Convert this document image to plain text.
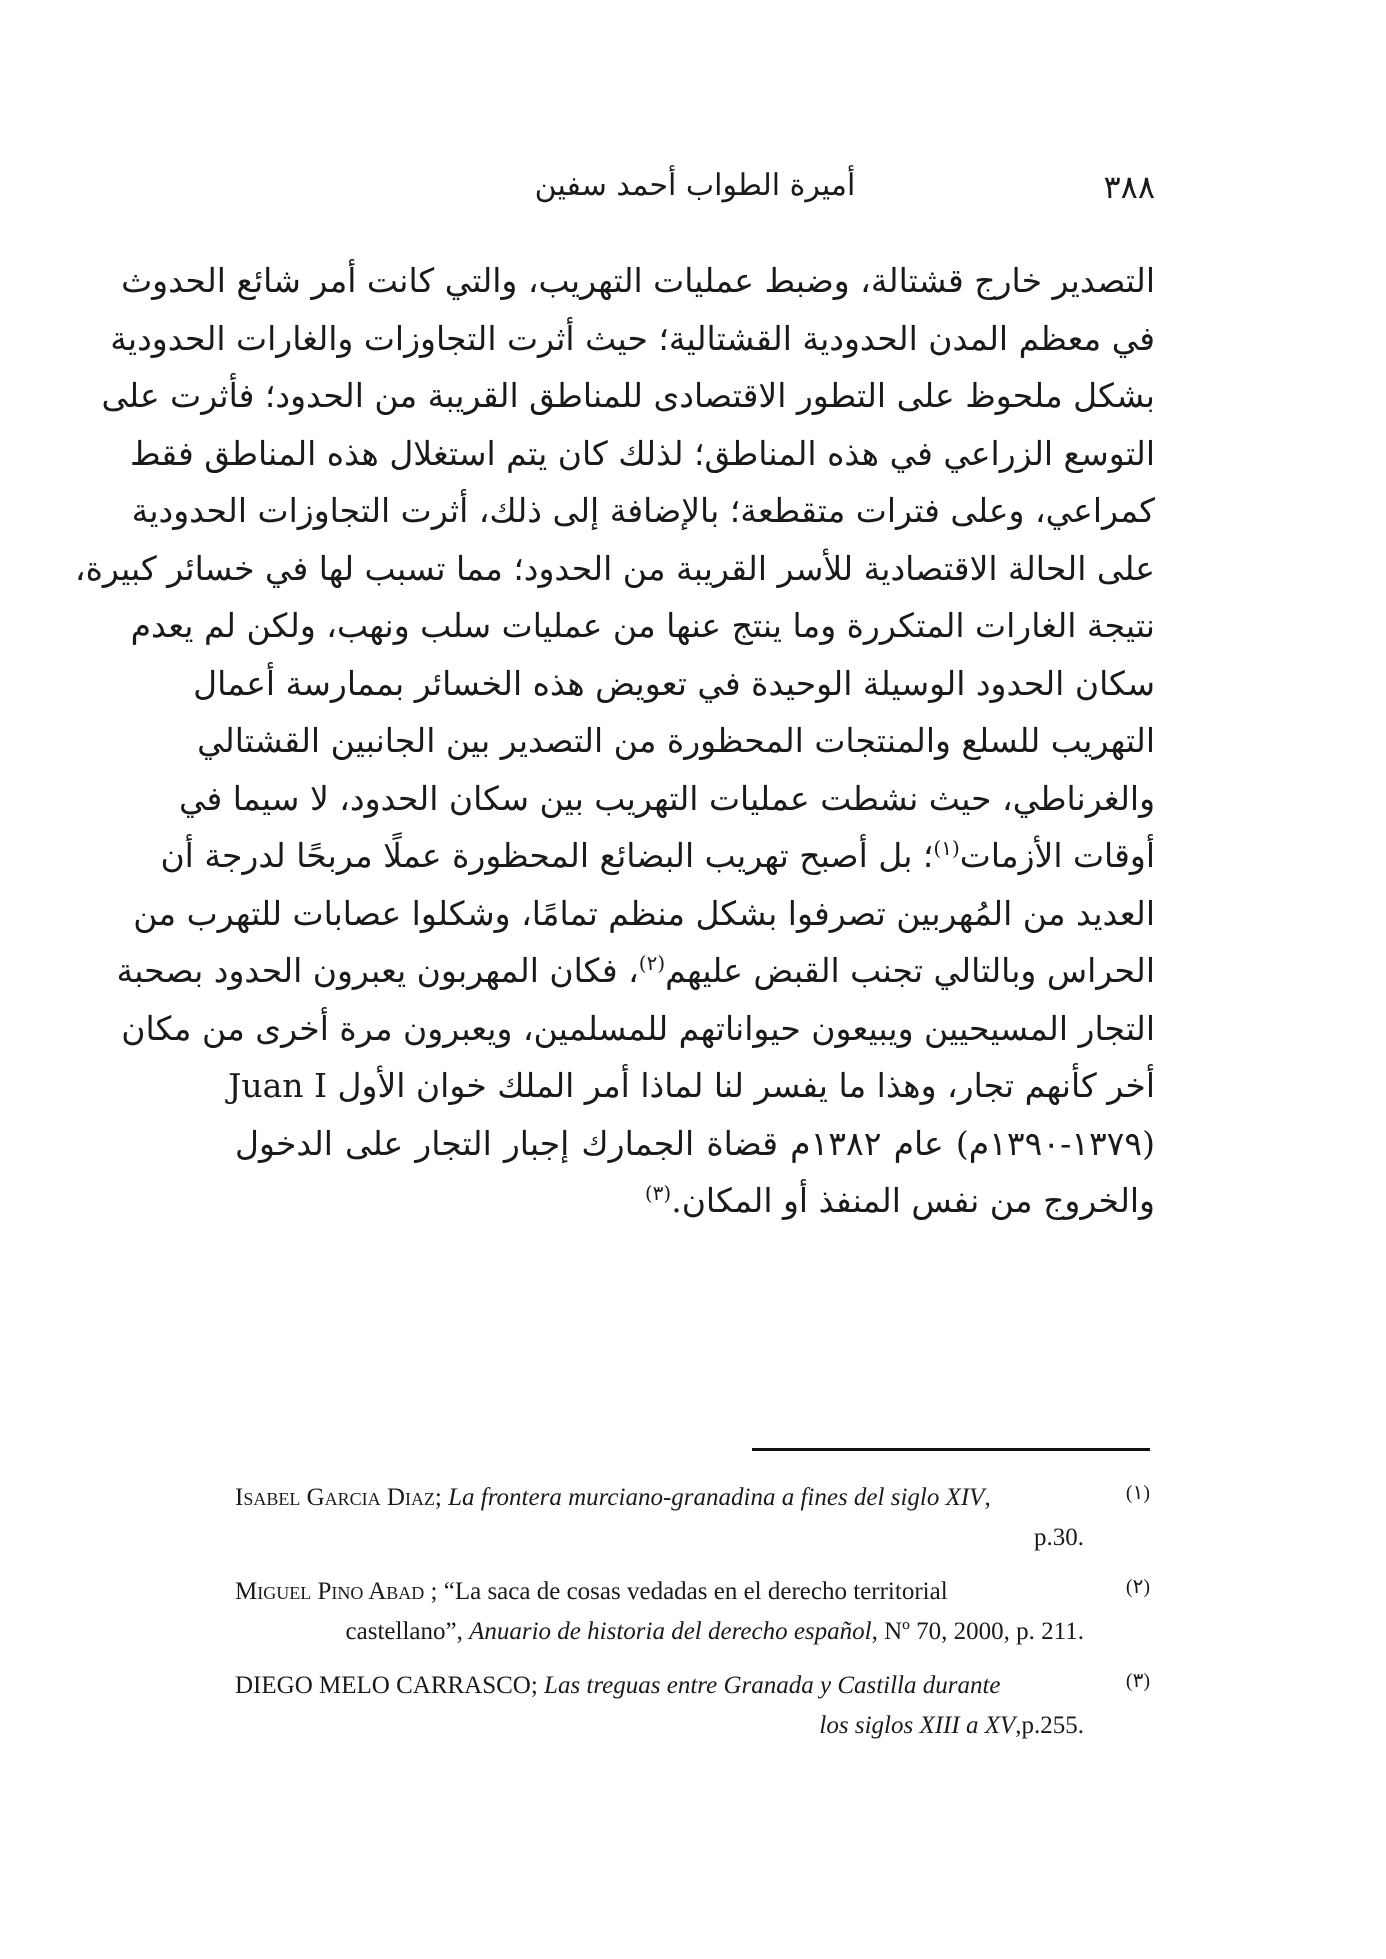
٣٨٨
أميرة الطواب أحمد سفين
التصدير خارج قشتالة، وضبط عمليات التهريب، والتي كانت أمر شائع الحدوث
في معظم المدن الحدودية القشتالية؛ حيث أثرت التجاوزات والغارات الحدودية
بشكل ملحوظ على التطور الاقتصادى للمناطق القريبة من الحدود؛ فأثرت على
التوسع الزراعي في هذه المناطق؛ لذلك كان يتم استغلال هذه المناطق فقط
كمراعي، وعلى فترات متقطعة؛ بالإضافة إلى ذلك، أثرت التجاوزات الحدودية
على الحالة الاقتصادية للأسر القريبة من الحدود؛ مما تسبب لها في خسائر كبيرة،
نتيجة الغارات المتكررة وما ينتج عنها من عمليات سلب ونهب، ولكن لم يعدم
سكان الحدود الوسيلة الوحيدة في تعويض هذه الخسائر بممارسة أعمال
التهريب للسلع والمنتجات المحظورة من التصدير بين الجانبين القشتالي
والغرناطي، حيث نشطت عمليات التهريب بين سكان الحدود، لا سيما في
أوقات الأزمات$^{(١)}$؛ بل أصبح تهريب البضائع المحظورة عملًا مربحًا لدرجة أن
العديد من المُهربين تصرفوا بشكل منظم تمامًا، وشكلوا عصابات للتهرب من
الحراس وبالتالي تجنب القبض عليهم$^{(٢)}$، فكان المهربون يعبرون الحدود بصحبة
التجار المسيحيين ويبيعون حيواناتهم للمسلمين، ويعبرون مرة أخرى من مكان
أخر كأنهم تجار، وهذا ما يفسر لنا لماذا أمر الملك خوان الأول Juan I
(١٣٧٩-١٣٩٠م) عام ١٣٨٢م قضاة الجمارك إجبار التجار على الدخول
والخروج من نفس المنفذ أو المكان.$^{(٣)}$
Isabel Garcia Diaz; La frontera murciano-granadina a fines del siglo XIV,
p.30.
(١)
Miguel Pino Abad ; “La saca de cosas vedadas en el derecho territorial
castellano”, Anuario de historia del derecho español, Nº 70, 2000, p. 211.
(٢)
DIEGO MELO CARRASCO; Las treguas entre Granada y Castilla durante
los siglos XIII a XV,p.255.
(٣)
